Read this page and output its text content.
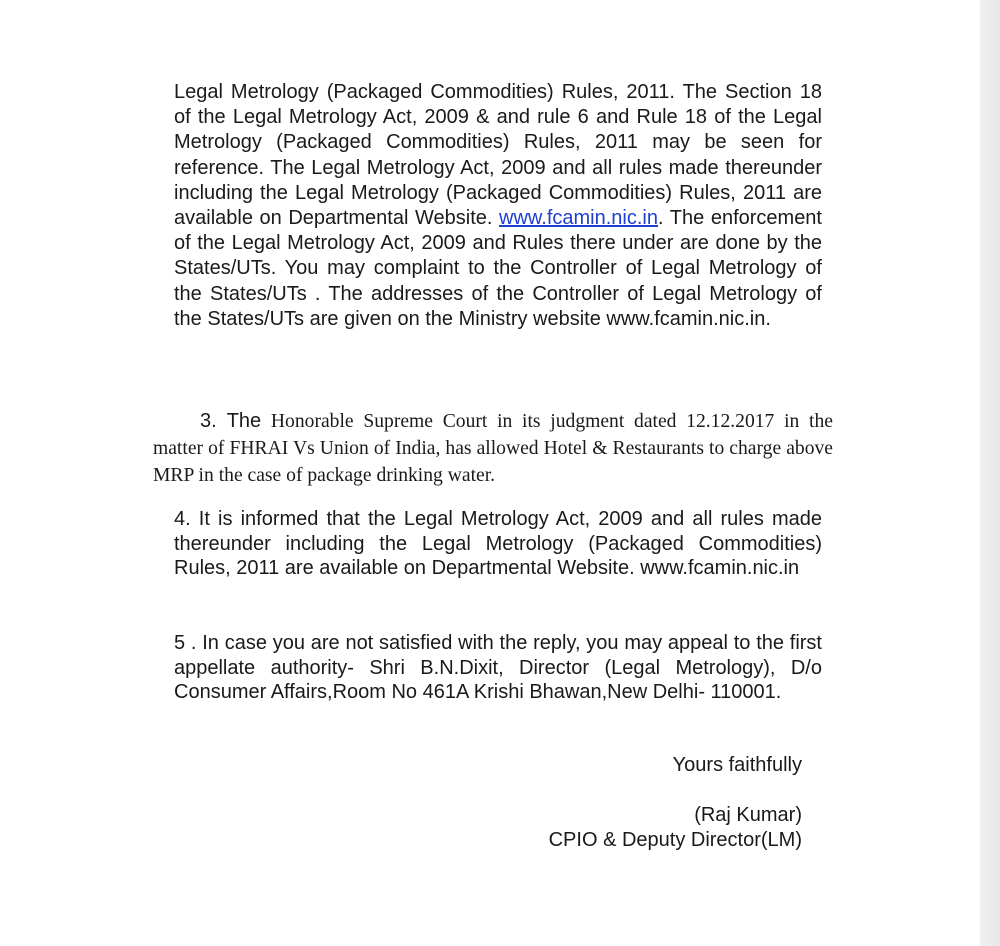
Legal Metrology (Packaged Commodities) Rules, 2011. The Section 18 of the Legal Metrology Act, 2009 & and rule 6 and Rule 18 of the Legal Metrology (Packaged Commodities) Rules, 2011 may be seen for reference. The Legal Metrology Act, 2009 and all rules made thereunder including the Legal Metrology (Packaged Commodities) Rules, 2011 are available on Departmental Website. www.fcamin.nic.in. The enforcement of the Legal Metrology Act, 2009 and Rules there under are done by the States/UTs. You may complaint to the Controller of Legal Metrology of the States/UTs . The addresses of the Controller of Legal Metrology of the States/UTs are given on the Ministry website www.fcamin.nic.in.

3. The Honorable Supreme Court in its judgment dated 12.12.2017 in the matter of FHRAI Vs Union of India, has allowed Hotel & Restaurants to charge above MRP in the case of package drinking water.

4. It is informed that the Legal Metrology Act, 2009 and all rules made thereunder including the Legal Metrology (Packaged Commodities) Rules, 2011 are available on Departmental Website. www.fcamin.nic.in

5 . In case you are not satisfied with the reply, you may appeal to the first appellate authority- Shri B.N.Dixit, Director (Legal Metrology), D/o Consumer Affairs,Room No 461A Krishi Bhawan,New Delhi- 110001.

Yours faithfully

(Raj Kumar)

CPIO & Deputy Director(LM)
